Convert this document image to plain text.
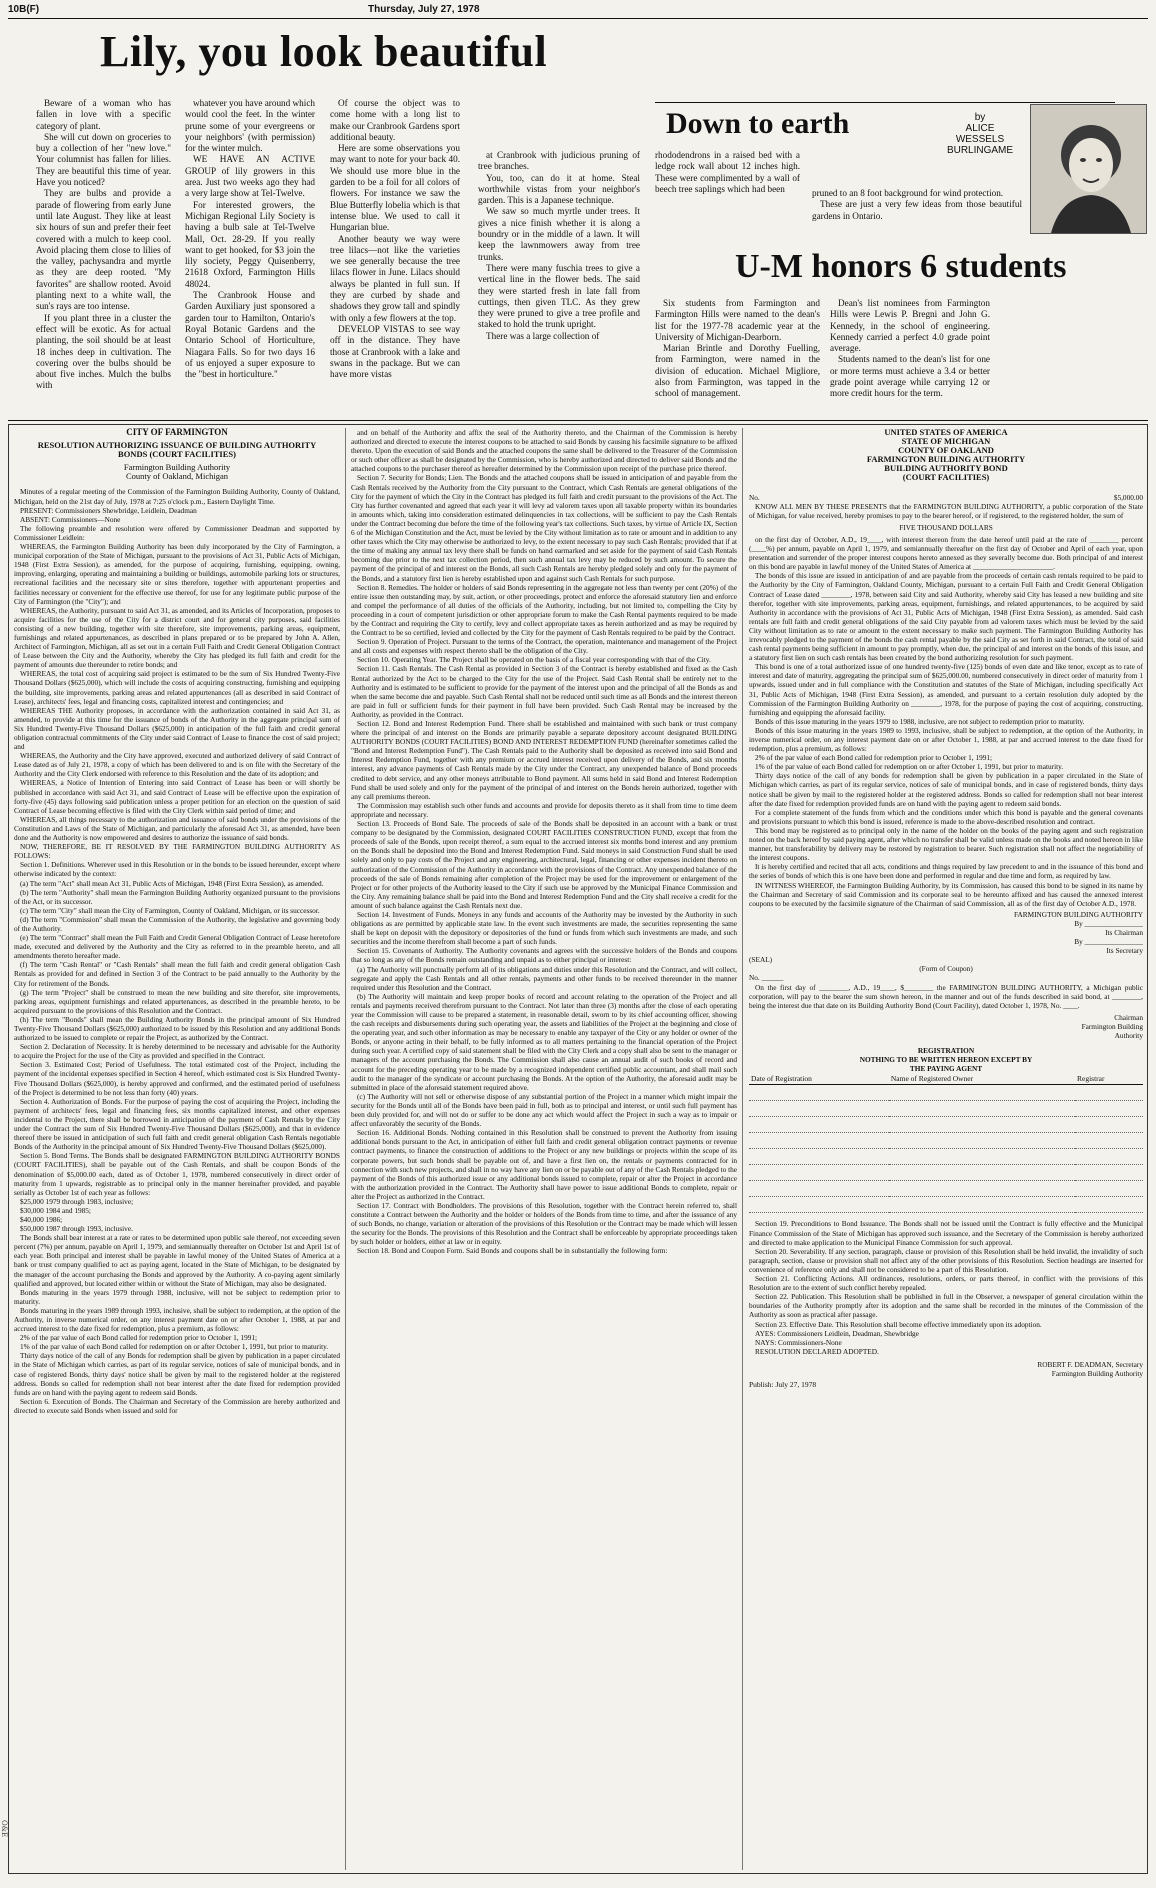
10B(F)	Thursday, July 27, 1978
Lily, you look beautiful

Beware of a woman who has fallen in love with a specific category of plant.

She will cut down on groceries to buy a collection of her "new love." Your columnist has fallen for lilies. They are beautiful this time of year. Have you noticed?

They are bulbs and provide a parade of flowering from early June until late August. They like at least six hours of sun and prefer their feet covered with a mulch to keep cool. Avoid placing them close to lilies of the valley, pachysandra and myrtle as they are deep rooted. "My favorites" are shallow rooted. Avoid planting next to a white wall, the sun's rays are too intense.

If you plant three in a cluster the effect will be exotic. As for actual planting, the soil should be at least 18 inches deep in cultivation. The covering over the bulbs should be about five inches. Mulch the bulbs with

whatever you have around which would cool the feet. In the winter prune some of your evergreens or your neighbors' (with permission) for the winter mulch.

WE HAVE AN ACTIVE GROUP of lily growers in this area. Just two weeks ago they had a very large show at Tel-Twelve.

For interested growers, the Michigan Regional Lily Society is having a bulb sale at Tel-Twelve Mall, Oct. 28-29. If you really want to get hooked, for $3 join the lily society, Peggy Quisenberry, 21618 Oxford, Farmington Hills 48024.

The Cranbrook House and Garden Auxiliary just sponsored a garden tour to Hamilton, Ontario's Royal Botanic Gardens and the Ontario School of Horticulture, Niagara Falls. So for two days 16 of us enjoyed a super exposure to the "best in horticulture."

Of course the object was to come home with a long list to make our Cranbrook Gardens sport additional beauty.

Here are some observations you may want to note for your back 40. We should use more blue in the garden to be a foil for all colors of flowers. For instance we saw the Blue Butterfly lobelia which is that intense blue. We used to call it Hungarian blue.

Another beauty we way were tree lilacs—not like the varieties we see generally because the tree lilacs flower in June. Lilacs should always be planted in full sun. If they are curbed by shade and shadows they grow tall and spindly with only a few flowers at the top.

DEVELOP VISTAS to see way off in the distance. They have those at Cranbrook with a lake and swans in the package. But we can have more vistas

at Cranbrook with judicious pruning of tree branches.

You, too, can do it at home. Steal worthwhile vistas from your neighbor's garden. This is a Japanese technique.

We saw so much myrtle under trees. It gives a nice finish whether it is along a boundry or in the middle of a lawn. It will keep the lawnmowers away from tree trunks.

There were many fuschia trees to give a vertical line in the flower beds. The said they were started fresh in late fall from cuttings, then given TLC. As they grew they were pruned to give a tree profile and staked to hold the trunk upright.

There was a large collection of

Down to earth	by
ALICE
WESSELS
BURLINGAME

rhododendrons in a raised bed with a ledge rock wall about 12 inches high. These were complimented by a wall of beech tree saplings which had been	pruned to an 8 foot background for wind protection.

These are just a very few ideas from those beautiful gardens in Ontario.

U-M honors 6 students

Six students from Farmington and Farmington Hills were named to the dean's list for the 1977-78 academic year at the University of Michigan-Dearborn.

Marian Brintle and Dorothy Fuelling, from Farmington, were named in the division of education. Michael Migliore, also from Farmington, was tapped in the school of management.

Dean's list nominees from Farmington Hills were Lewis P. Bregni and John G. Kennedy, in the school of engineering. Kennedy carried a perfect 4.0 grade point average.

Students named to the dean's list for one or more terms must achieve a 3.4 or better grade point average while carrying 12 or more credit hours for the term.

CITY OF FARMINGTON

RESOLUTION AUTHORIZING ISSUANCE OF BUILDING AUTHORITY BONDS (COURT FACILITIES)

Farmington Building Authority

County of Oakland, Michigan

Minutes of a regular meeting of the Commission of the Farmington Building Authority, County of Oakland, Michigan, held on the 21st day of July, 1978 at 7:25 o'clock p.m., Eastern Daylight Time.

PRESENT: Commissioners Shewbridge, Leidlein, Deadman

ABSENT: Commissioners—None

The following preamble and resolution were offered by Commissioner Deadman and supported by Commissioner Leidlein:

WHEREAS, the Farmington Building Authority has been duly incorporated by the City of Farmington, a municipal corporation of the State of Michigan, pursuant to the provisions of Act 31, Public Acts of Michigan, 1948 (First Extra Session), as amended, for the purpose of acquiring, furnishing, equipping, owning, improving, enlarging, operating and maintaining a building or buildings, automobile parking lots or structures, recreational facilities and the necessary site or sites therefore, together with appurtenant properties and facilities necessary or convenient for the effective use thereof, for use for any legitimate public purpose of the City of Farmington (the "City"); and

WHEREAS, the Authority, pursuant to said Act 31, as amended, and its Articles of Incorporation, proposes to acquire facilities for the use of the City for a district court and for general city purposes, said facilities consisting of a new building, together with site therefore, site improvements, parking areas, equipment, furnishings and related appurtenances, as described in plans prepared or to be prepared by John A. Allen, Architect of Farmington, Michigan, all as set out in a certain Full Faith and Credit General Obligation Contract of Lease between the City and the Authority, whereby the City has pledged its full faith and credit for the payment of amounts due thereunder to retire bonds; and

WHEREAS, the total cost of acquiring said project is estimated to be the sum of Six Hundred Twenty-Five Thousand Dollars ($625,000), which will include the costs of acquiring constructing, furnishing and equipping the building, site improvements, parking areas and related appurtenances (all as described in said Contract of Lease), architects' fees, legal and financing costs, capitalized interest and contingencies; and

WHEREAS THE Authority proposes, in accordance with the authorization contained in said Act 31, as amended, to provide at this time for the issuance of bonds of the Authority in the aggregate principal sum of Six Hundred Twenty-Five Thousand Dollars ($625,000) in anticipation of the full faith and credit general obligation contractual commitments of the City under said Contract of Lease to finance the cost of said project; and

WHEREAS, the Authority and the City have approved, executed and authorized delivery of said Contract of Lease dated as of July 21, 1978, a copy of which has been delivered to and is on file with the Secretary of the Authority and the City Clerk endorsed with reference to this Resolution and the date of its adoption; and

WHEREAS, a Notice of Intention of Entering into said Contract of Lease has been or will shortly be published in accordance with said Act 31, and said Contract of Lease will be effective upon the expiration of forty-five (45) days following said publication unless a proper petition for an election on the question of said Contract of Lease becoming effective is filed with the City Clerk within said period of time; and

WHEREAS, all things necessary to the authorization and issuance of said bonds under the provisions of the Constitution and Laws of the State of Michigan, and particularly the aforesaid Act 31, as amended, have been done and the Authority is now empowered and desires to authorize the issuance of said bonds.

NOW, THEREFORE, BE IT RESOLVED BY THE FARMINGTON BUILDING AUTHORITY AS FOLLOWS:

Section 1. Definitions. Wherever used in this Resolution or in the bonds to be issued hereunder, except where otherwise indicated by the context:

(a) The term "Act" shall mean Act 31, Public Acts of Michigan, 1948 (First Extra Session), as amended.

(b) The term "Authority" shall mean the Farmington Building Authority organized pursuant to the provisions of the Act, or its successor.

(c) The term "City" shall mean the City of Farmington, County of Oakland, Michigan, or its successor.

(d) The term "Commission" shall mean the Commission of the Authority, the legislative and governing body of the Authority.

(e) The term "Contract" shall mean the Full Faith and Credit General Obligation Contract of Lease heretofore made, executed and delivered by the Authority and the City as referred to in the preamble hereto, and all amendments thereto hereafter made.

(f) The term "Cash Rental" or "Cash Rentals" shall mean the full faith and credit general obligation Cash Rentals as provided for and defined in Section 3 of the Contract to be paid annually to the Authority by the City for retirement of the Bonds.

(g) The term "Project" shall be construed to mean the new building and site therefor, site improvements, parking areas, equipment furnishings and related appurtenances, as described in the preamble hereto, to be acquired pursuant to the provisions of this Resolution and the Contract.

(h) The term "Bonds" shall mean the Building Authority Bonds in the principal amount of Six Hundred Twenty-Five Thousand Dollars ($625,000) authorized to be issued by this Resolution and any additional Bonds authorized to be issued to complete or repair the Project, as authorized by the Contract.

Section 2. Declaration of Necessity. It is hereby determined to be necessary and advisable for the Authority to acquire the Project for the use of the City as provided and specified in the Contract.

Section 3. Estimated Cost; Period of Usefulness. The total estimated cost of the Project, including the payment of the incidental expenses specified in Section 4 hereof, which estimated cost is Six Hundred Twenty-Five Thousand Dollars ($625,000), is hereby approved and confirmed, and the estimated period of usefulness of the Project is determined to be not less than forty (40) years.

Section 4. Authorization of Bonds. For the purpose of paying the cost of acquiring the Project, including the payment of architects' fees, legal and financing fees, six months capitalized interest, and other expenses incidental to the Project, there shall be borrowed in anticipation of the payment of Cash Rentals by the City under the Contract the sum of Six Hundred Twenty-Five Thousand Dollars ($625,000), and that in evidence thereof there be issued in anticipation of such full faith and credit general obligation Cash Rentals negotiable Bonds of the Authority in the principal amount of Six Hundred Twenty-Five Thousand Dollars ($625,000).

Section 5. Bond Terms. The Bonds shall be designated FARMINGTON BUILDING AUTHORITY BONDS (COURT FACILITIES), shall be payable out of the Cash Rentals, and shall be coupon Bonds of the denomination of $5,000.00 each, dated as of October 1, 1978, numbered consecutively in direct order of maturity from 1 upwards, registrable as to principal only in the manner hereinafter provided, and payable serially as October 1st of each year as follows:

$25,000 1979 through 1983, inclusive;

$30,000 1984 and 1985;

$40,000 1986;

$50,000 1987 through 1993, inclusive.

The Bonds shall bear interest at a rate or rates to be determined upon public sale thereof, not exceeding seven percent (7%) per annum, payable on April 1, 1979, and semiannually thereafter on October 1st and April 1st of each year. Both principal and interest shall be payable in lawful money of the United States of America at a bank or trust company qualified to act as paying agent, located in the State of Michigan, to be designated by the manager of the account purchasing the Bonds and approved by the Authority. A co-paying agent similarly qualified and approved, but located either within or without the State of Michigan, may also be designated.

Bonds maturing in the years 1979 through 1988, inclusive, will not be subject to redemption prior to maturity.

Bonds maturing in the years 1989 through 1993, inclusive, shall be subject to redemption, at the option of the Authority, in inverse numerical order, on any interest payment date on or after October 1, 1988, at par and accrued interest to the date fixed for redemption, plus a premium, as follows:

2% of the par value of each Bond called for redemption prior to October 1, 1991;

1% of the par value of each Bond called for redemption on or after October 1, 1991, but prior to maturity.

Thirty days notice of the call of any Bonds for redemption shall be given by publication in a paper circulated in the State of Michigan which carries, as part of its regular service, notices of sale of municipal bonds, and in case of registered Bonds, thirty days' notice shall be given by mail to the registered holder at the registered address. Bonds so called for redemption shall not bear interest after the date fixed for redemption provided funds are on hand with the paying agent to redeem said Bonds.

Section 6. Execution of Bonds. The Chairman and Secretary of the Commission are hereby authorized and directed to execute said Bonds when issued and sold for

and on behalf of the Authority and affix the seal of the Authority thereto, and the Chairman of the Commission is hereby authorized and directed to execute the interest coupons to be attached to said Bonds by causing his facsimile signature to be affixed thereto. Upon the execution of said Bonds and the attached coupons the same shall be delivered to the Treasurer of the Commission or such other officer as shall be designated by the Commission, who is hereby authorized and directed to deliver said Bonds and the attached coupons to the purchaser thereof as hereafter determined by the Commission upon receipt of the purchase price thereof.

Section 7. Security for Bonds; Lien. The Bonds and the attached coupons shall be issued in anticipation of and payable from the Cash Rentals received by the Authority from the City pursuant to the Contract, which Cash Rentals are general obligations of the City for the payment of which the City in the Contract has pledged its full faith and credit pursuant to the provisions of the Act. The City has further covenanted and agreed that each year it will levy ad valorem taxes upon all taxable property within its boundaries in amounts which, taking into consideration estimated delinquencies in tax collections, will be sufficient to pay the Cash Rentals under the Contract becoming due before the time of the following year's tax collections. Such taxes, by virtue of Article IX, Section 6 of the Michigan Constitution and the Act, must be levied by the City without limitation as to rate or amount and in addition to any other taxes which the City may otherwise be authorized to levy, to the extent necessary to pay such Cash Rentals; provided that if at the time of making any annual tax levy there shall be funds on hand earmarked and set aside for the payment of said Cash Rentals becoming due prior to the next tax collection period, then such annual tax levy may be reduced by such amount. To secure the payment of the principal of and interest on the Bonds, all such Cash Rentals are hereby pledged solely and only for the payment of the Bonds, and a statutory first lien is hereby established upon and against such Cash Rentals for such purpose.

Section 8. Remedies. The holder or holders of said Bonds representing in the aggregate not less than twenty per cent (20%) of the entire issue then outstanding may, by suit, action, or other proceedings, protect and enforce the aforesaid statutory lien and enforce and compel the performance of all duties of the officials of the Authority, including, but not limited to, compelling the City by proceeding in a court of competent jurisdiction or other appropriate forum to make the Cash Rental payments required to be made by the Contract and requiring the City to certify, levy and collect appropriate taxes as herein authorized and as may be required by the Contract to be so certified, levied and collected by the City for the payment of Cash Rentals required to be paid by the Contract.

Section 9. Operation of Project. Pursuant to the terms of the Contract, the operation, maintenance and management of the Project and all costs and expenses with respect thereto shall be the obligation of the City.

Section 10. Operating Year. The Project shall be operated on the basis of a fiscal year corresponding with that of the City.

Section 11. Cash Rentals. The Cash Rental as provided in Section 3 of the Contract is hereby established and fixed as the Cash Rental authorized by the Act to be charged to the City for the use of the Project. Said Cash Rental shall be entirely net to the Authority and is estimated to be sufficient to provide for the payment of the interest upon and the principal of all the Bonds as and when the same become due and payable. Such Cash Rental shall not be reduced until such time as all Bonds and the interest thereon are paid in full or sufficient funds for their payment in full have been provided. Such Cash Rental may be increased by the Authority, as provided in the Contract.

Section 12. Bond and Interest Redemption Fund. There shall be established and maintained with such bank or trust company where the principal of and interest on the Bonds are primarily payable a separate depository account designated BUILDING AUTHORITY BONDS (COURT FACILITIES) BOND AND INTEREST REDEMPTION FUND (hereinafter sometimes called the "Bond and Interest Redemption Fund"). The Cash Rentals paid to the Authority shall be deposited as received into said Bond and Interest Redemption Fund, together with any premium or accrued interest received upon delivery of the Bonds, and six months interest, any advance payments of Cash Rentals made by the City under the Contract, any unexpended balance of Bond proceeds credited to debt service, and any other moneys attributable to Bond payment. All sums held in said Bond and Interest Redemption Fund shall be used solely and only for the payment of the principal of and interest on the Bonds herein authorized, together with any call premiums thereon.

The Commission may establish such other funds and accounts and provide for deposits thereto as it shall from time to time deem appropriate and necessary.

Section 13. Proceeds of Bond Sale. The proceeds of sale of the Bonds shall be deposited in an account with a bank or trust company to be designated by the Commission, designated COURT FACILITIES CONSTRUCTION FUND, except that from the proceeds of sale of the Bonds, upon receipt thereof, a sum equal to the accrued interest six months bond interest and any premium on the Bonds shall be deposited into the Bond and Interest Redemption Fund. Said moneys in said Construction Fund shall be used solely and only to pay costs of the Project and any engineering, architectural, legal, financing or other expenses incident thereto on authorization of the Commission of the Authority in accordance with the provisions of the Contract. Any unexpended balance of the proceeds of the sale of Bonds remaining after completion of the Project may be used for the improvement or enlargement of the Project or for other projects of the Authority leased to the City if such use be approved by the Municipal Finance Commission and the City. Any remaining balance shall be paid into the Bond and Interest Redemption Fund and the City shall receive a credit for the amount of such balance against the Cash Rentals next due.

Section 14. Investment of Funds. Moneys in any funds and accounts of the Authority may be invested by the Authority in such obligations as are permitted by applicable state law. In the event such investments are made, the securities representing the same shall be kept on deposit with the depository or depositories of the fund or funds from which such investments are made, and such securities and the income therefrom shall become a part of such funds.

Section 15. Covenants of Authority. The Authority covenants and agrees with the successive holders of the Bonds and coupons that so long as any of the Bonds remain outstanding and unpaid as to either principal or interest:

(a) The Authority will punctually perform all of its obligations and duties under this Resolution and the Contract, and will collect, segregate and apply the Cash Rentals and all other rentals, payments and other funds to be received thereunder in the manner required under this Resolution and the Contract.

(b) The Authority will maintain and keep proper books of record and account relating to the operation of the Project and all rentals and payments received therefrom pursuant to the Contract. Not later than three (3) months after the close of each operating year the Commission will cause to be prepared a statement, in reasonable detail, sworn to by its chief accounting officer, showing the cash receipts and disbursements during such operating year, the assets and liabilities of the Project at the beginning and close of the operating year, and such other information as may be necessary to enable any taxpayer of the City or any holder or owner of the Bonds, or anyone acting in their behalf, to be fully informed as to all matters pertaining to the financial operation of the Project during such year. A certified copy of said statement shall be filed with the City Clerk and a copy shall also be sent to the manager or managers of the account purchasing the Bonds. The Commission shall also cause an annual audit of such books of record and account for the preceding operating year to be made by a recognized independent certified public accountant, and shall mail such audit to the manager of the syndicate or account purchasing the Bonds. At the option of the Authority, the aforesaid audit may be submitted in place of the aforesaid statement required above.

(c) The Authority will not sell or otherwise dispose of any substantial portion of the Project in a manner which might impair the security for the Bonds until all of the Bonds have been paid in full, both as to principal and interest, or until such full payment has been duly provided for, and will not do or suffer to be done any act which would affect the Project in such a way as to impair or affect unfavorably the security of the Bonds.

Section 16. Additional Bonds. Nothing contained in this Resolution shall be construed to prevent the Authority from issuing additional bonds pursuant to the Act, in anticipation of either full faith and credit general obligation contract payments or revenue contract payments, to finance the construction of additions to the Project or any new buildings or projects within the scope of its corporate powers, but such bonds shall be payable out of, and have a first lien on, the rentals or payments contracted for in connection with such new projects, and shall in no way have any lien on or be payable out of any of the Cash Rentals pledged to the payment of the Bonds of this authorized issue or any additional bonds issued to complete, repair or alter the Project in accordance with the authorization provided in the Contract. The Authority shall have power to issue additional Bonds to complete, repair or alter the Project as authorized in the Contract.

Section 17. Contract with Bondholders. The provisions of this Resolution, together with the Contract herein referred to, shall constitute a Contract between the Authority and the holder or holders of the Bonds from time to time, and after the issuance of any of such Bonds, no change, variation or alteration of the provisions of this Resolution or the Contract may be made which will lessen the security for the Bonds. The provisions of this Resolution and the Contract shall be enforceable by appropriate proceedings taken by such holder or holders, either at law or in equity.

Section 18. Bond and Coupon Form. Said Bonds and coupons shall be in substantially the following form:

UNITED STATES OF AMERICA

STATE OF MICHIGAN

COUNTY OF OAKLAND

FARMINGTON BUILDING AUTHORITY

BUILDING AUTHORITY BOND

(COURT FACILITIES)

No.	$5,000.00

KNOW ALL MEN BY THESE PRESENTS that the FARMINGTON BUILDING AUTHORITY, a public corporation of the State of Michigan, for value received, hereby promises to pay to the bearer hereof, or if registered, to the registered holder, the sum of

FIVE THOUSAND DOLLARS

on the first day of October, A.D., 19____, with interest thereon from the date hereof until paid at the rate of ________ percent (____%) per annum, payable on April 1, 1979, and semiannually thereafter on the first day of October and April of each year, upon presentation and surrender of the proper interest coupons hereto annexed as they severally become due. Both principal of and interest on this bond are payable in lawful money of the United States of America at ______________________.

The bonds of this issue are issued in anticipation of and are payable from the proceeds of certain cash rentals required to be paid to the Authority by the City of Farmington, Oakland County, Michigan, pursuant to a certain Full Faith and Credit General Obligation Contract of Lease dated ________, 1978, between said City and said Authority, whereby said City has leased a new building and site therefor, together with site improvements, parking areas, equipment, furnishings, and related appurtenances, to be acquired by said Authority in accordance with the provisions of Act 31, Public Acts of Michigan, 1948 (First Extra Session), as amended. Said cash rentals are full faith and credit general obligations of the said City payable from ad valorem taxes which must be levied by the said City without limitation as to rate or amount to the extent necessary to make such payment. The Farmington Building Authority has irrevocably pledged to the payment of the bonds the cash rental payable by the said City as set forth in said Contract, the total of said cash rental payments being sufficient in amount to pay promptly, when due, the principal of and interest on the bonds of this issue, and a statutory first lien on such cash rentals has been created by the bond authorizing resolution for such payment.

This bond is one of a total authorized issue of one hundred twenty-five (125) bonds of even date and like tenor, except as to rate of interest and date of maturity, aggregating the principal sum of $625,000.00, numbered consecutively in direct order of maturity from 1 upwards, issued under and in full compliance with the Constitution and statutes of the State of Michigan, including specifically Act 31, Public Acts of Michigan, 1948 (First Extra Session), as amended, and pursuant to a certain resolution duly adopted by the Commission of the Farmington Building Authority on ________, 1978, for the purpose of paying the cost of acquiring, constructing, furnishing and equipping the aforesaid facility.

Bonds of this issue maturing in the years 1979 to 1988, inclusive, are not subject to redemption prior to maturity.

Bonds of this issue maturing in the years 1989 to 1993, inclusive, shall be subject to redemption, at the option of the Authority, in inverse numerical order, on any interest payment date on or after October 1, 1988, at par and accrued interest to the date fixed for redemption, plus a premium, as follows:

2% of the par value of each Bond called for redemption prior to October 1, 1991;

1% of the par value of each Bond called for redemption on or after October 1, 1991, but prior to maturity.

Thirty days notice of the call of any bonds for redemption shall be given by publication in a paper circulated in the State of Michigan which carries, as part of its regular service, notices of sale of municipal bonds, and in case of registered bonds, thirty days notice shall be given by mail to the registered holder at the registered address. Bonds so called for redemption shall not bear interest after the date fixed for redemption provided funds are on hand with the paying agent to redeem said bonds.

For a complete statement of the funds from which and the conditions under which this bond is payable and the general covenants and provisions pursuant to which this bond is issued, reference is made to the above-described resolution and contract.

This bond may be registered as to principal only in the name of the holder on the books of the paying agent and such registration noted on the back hereof by said paying agent, after which no transfer shall be valid unless made on the books and noted hereon in like manner, but transferability by delivery may be restored by registration to bearer. Such registration shall not affect the negotiability of the interest coupons.

It is hereby certified and recited that all acts, conditions and things required by law precedent to and in the issuance of this bond and the series of bonds of which this is one have been done and performed in regular and due time and form, as required by law.

IN WITNESS WHEREOF, the Farmington Building Authority, by its Commission, has caused this bond to be signed in its name by the Chairman and Secretary of said Commission and its corporate seal to be hereunto affixed and has caused the annexed interest coupons to be executed by the facsimile signature of the Chairman of said Commission, all as of the first day of October A.D., 1978.

FARMINGTON BUILDING AUTHORITY

By ________________

Its Chairman

By ________________

Its Secretary

(SEAL)

(Form of Coupon)

No. ______

On the first day of ________, A.D., 19____, $________ the FARMINGTON BUILDING AUTHORITY, a Michigan public corporation, will pay to the bearer the sum shown hereon, in the manner and out of the funds described in said bond, at ________, being the interest due that date on its Building Authority Bond (Court Facility), dated October 1, 1978, No. ____.

Chairman
Farmington Building
Authority

REGISTRATION

NOTHING TO BE WRITTEN HEREON EXCEPT BY

THE PAYING AGENT

Date of Registration	Name of Registered Owner	Registrar

Section 19. Preconditions to Bond Issuance. The Bonds shall not be issued until the Contract is fully effective and the Municipal Finance Commission of the State of Michigan has approved such issuance, and the Secretary of the Commission is hereby authorized and directed to make application to the Municipal Finance Commission for such approval.

Section 20. Severability. If any section, paragraph, clause or provision of this Resolution shall be held invalid, the invalidity of such paragraph, section, clause or provision shall not affect any of the other provisions of this Resolution. Section headings are inserted for convenience of reference only and shall not be considered to be a part of this Resolution.

Section 21. Conflicting Actions. All ordinances, resolutions, orders, or parts thereof, in conflict with the provisions of this Resolution are to the extent of such conflict hereby repealed.

Section 22. Publication. This Resolution shall be published in full in the Observer, a newspaper of general circulation within the boundaries of the Authority promptly after its adoption and the same shall be recorded in the minutes of the Commission of the Authority as soon as practical after passage.

Section 23. Effective Date. This Resolution shall become effective immediately upon its adoption.

AYES: Commissioners Leidlein, Deadman, Shewbridge

NAYS: Commissioners-None

RESOLUTION DECLARED ADOPTED.

ROBERT F. DEADMAN, Secretary

Farmington Building Authority

Publish: July 27, 1978

O&E
